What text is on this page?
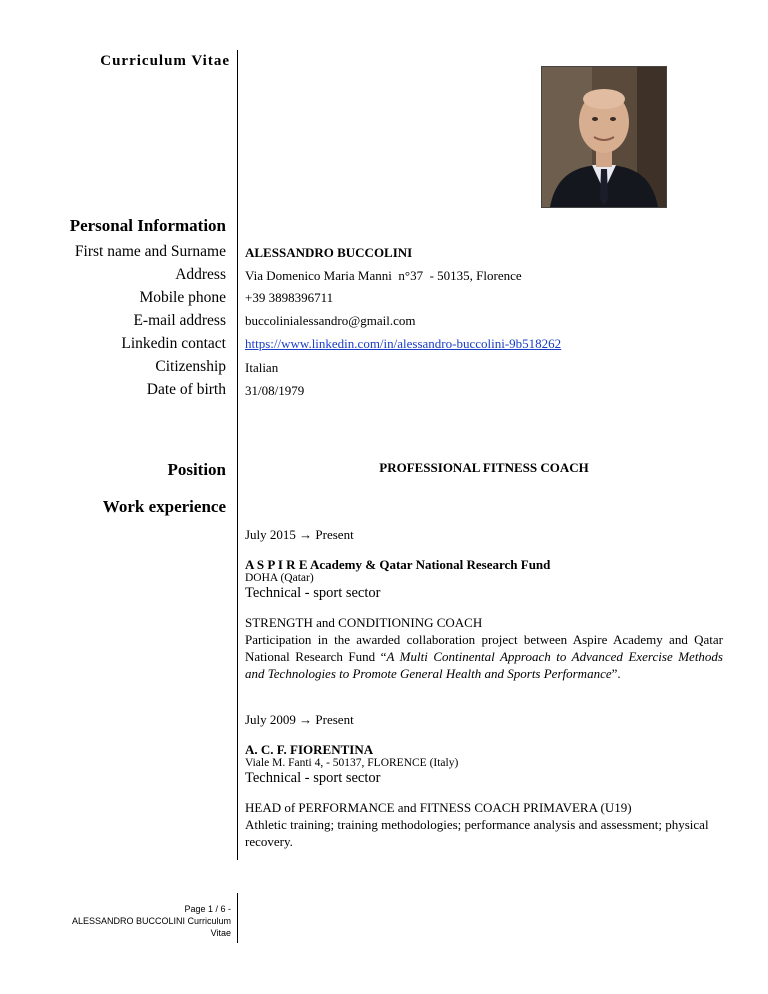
Curriculum Vitae
Personal Information
First name and Surname ALESSANDRO BUCCOLINI
Address Via Domenico Maria Manni  n°37  - 50135, Florence
Mobile phone +39 3898396711
E-mail address buccolinialessandro@gmail.com
Linkedin contact https://www.linkedin.com/in/alessandro-buccolini-9b518262
Citizenship Italian
Date of birth 31/08/1979
Position	PROFESSIONAL FITNESS COACH
Work experience
July 2015 → Present
A S P I R E Academy & Qatar National Research Fund
DOHA (Qatar)
Technical - sport sector
STRENGTH and CONDITIONING COACH
Participation in the awarded collaboration project between Aspire Academy and Qatar National Research Fund “A Multi Continental Approach to Advanced Exercise Methods and Technologies to Promote General Health and Sports Performance”.
July 2009 → Present
A. C. F. FIORENTINA
Viale M. Fanti 4, - 50137, FLORENCE (Italy)
Technical - sport sector
HEAD of PERFORMANCE and FITNESS COACH PRIMAVERA (U19)
Athletic training; training methodologies; performance analysis and assessment; physical recovery.
Page 1 / 6 -
ALESSANDRO BUCCOLINI Curriculum
Vitae
